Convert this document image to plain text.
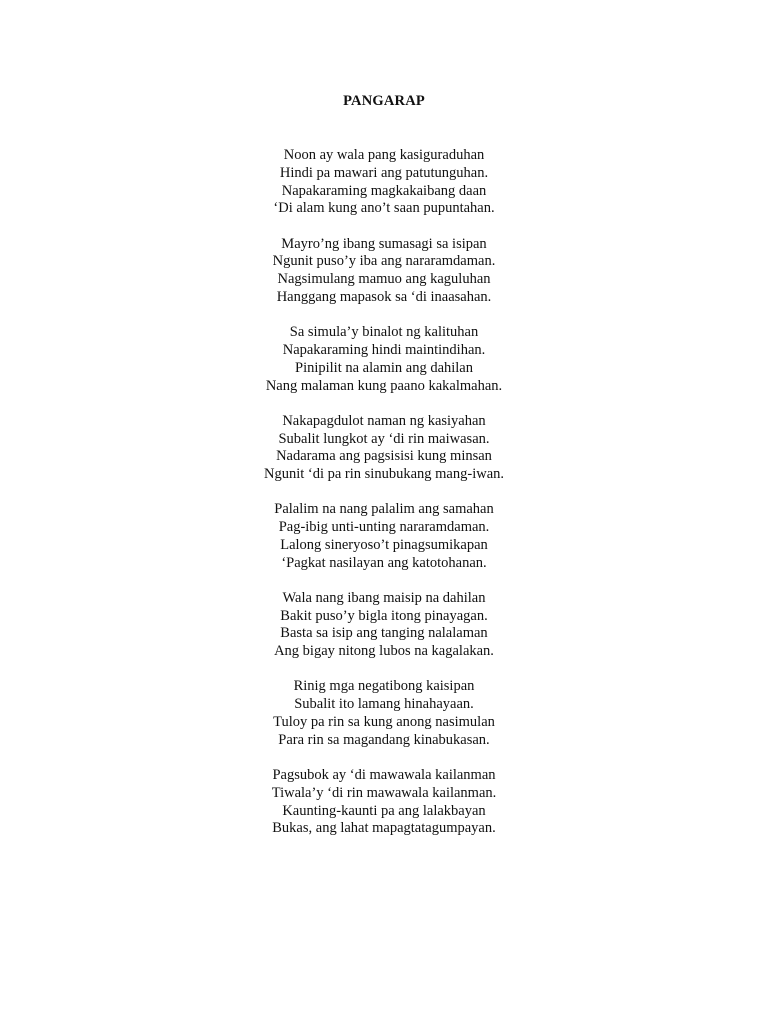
PANGARAP
Noon ay wala pang kasiguraduhan
Hindi pa mawari ang patutunguhan.
Napakaraming magkakaibang daan
‘Di alam kung ano’t saan pupuntahan.
Mayro’ng ibang sumasagi sa isipan
Ngunit puso’y iba ang nararamdaman.
Nagsimulang mamuo ang kaguluhan
Hanggang mapasok sa ‘di inaasahan.
Sa simula’y binalot ng kalituhan
Napakaraming hindi maintindihan.
Pinipilit na alamin ang dahilan
Nang malaman kung paano kakalmahan.
Nakapagdulot naman ng kasiyahan
Subalit lungkot ay ‘di rin maiwasan.
Nadarama ang pagsisisi kung minsan
Ngunit ‘di pa rin sinubukang mang-iwan.
Palalim na nang palalim ang samahan
Pag-ibig unti-unting nararamdaman.
Lalong sineryoso’t pinagsumikapan
‘Pagkat nasilayan ang katotohanan.
Wala nang ibang maisip na dahilan
Bakit puso’y bigla itong pinayagan.
Basta sa isip ang tanging nalalaman
Ang bigay nitong lubos na kagalakan.
Rinig mga negatibong kaisipan
Subalit ito lamang hinahayaan.
Tuloy pa rin sa kung anong nasimulan
Para rin sa magandang kinabukasan.
Pagsubok ay ‘di mawawala kailanman
Tiwala’y ‘di rin mawawala kailanman.
Kaunting-kaunti pa ang lalakbayan
Bukas, ang lahat mapagtatagumpayan.
